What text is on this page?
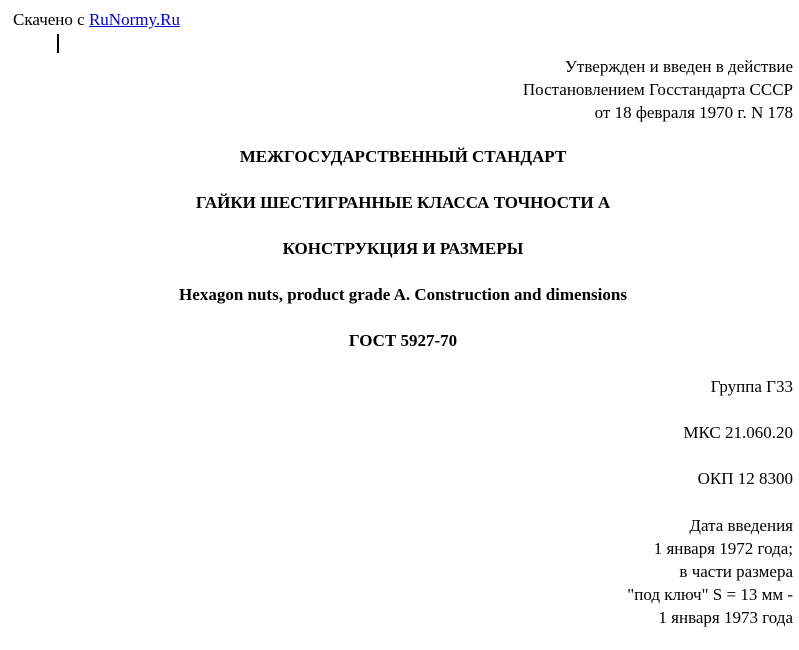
Скачено с RuNormy.Ru
Утвержден и введен в действие
Постановлением Госстандарта СССР
от 18 февраля 1970 г. N 178
МЕЖГОСУДАРСТВЕННЫЙ СТАНДАРТ
ГАЙКИ ШЕСТИГРАННЫЕ КЛАССА ТОЧНОСТИ А
КОНСТРУКЦИЯ И РАЗМЕРЫ
Hexagon nuts, product grade A. Construction and dimensions
ГОСТ 5927-70
Группа Г33
МКС 21.060.20
ОКП 12 8300
Дата введения
1 января 1972 года;
в части размера
"под ключ" S = 13 мм -
1 января 1973 года
